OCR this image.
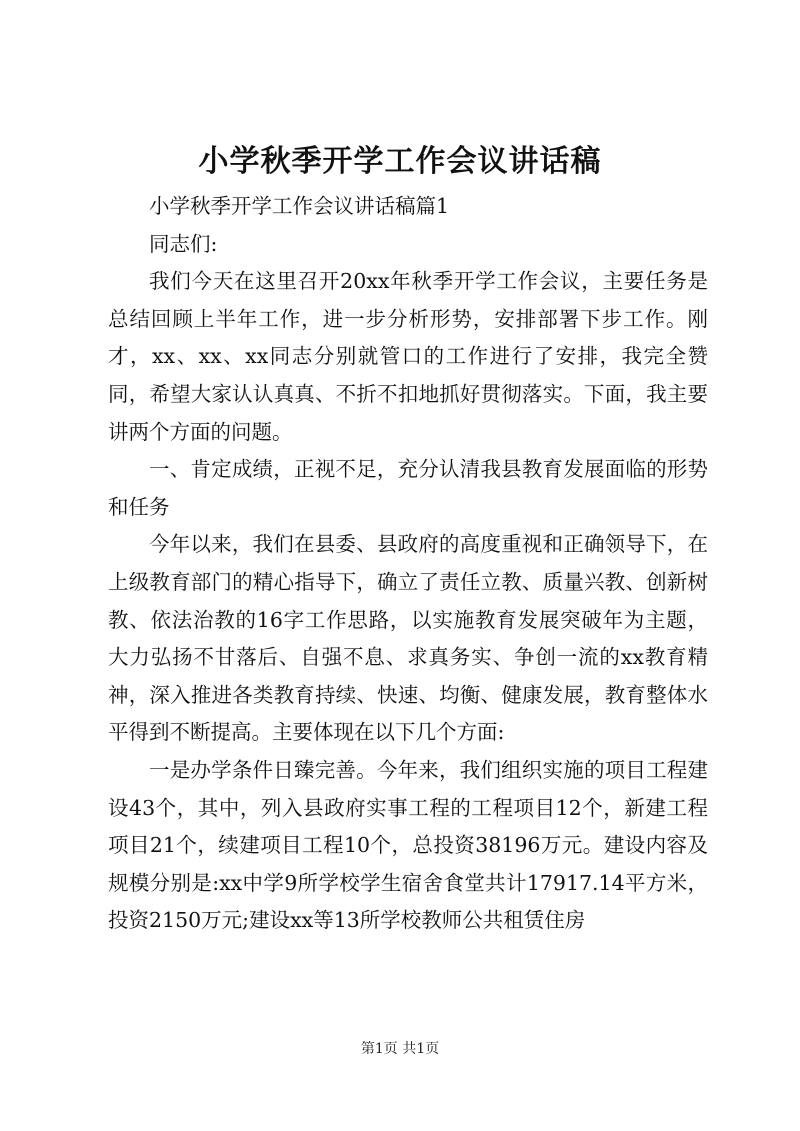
小学秋季开学工作会议讲话稿

小学秋季开学工作会议讲话稿篇1

同志们:

我们今天在这里召开20xx年秋季开学工作会议，主要任务是总结回顾上半年工作，进一步分析形势，安排部署下步工作。刚才，xx、xx、xx同志分别就管口的工作进行了安排，我完全赞同，希望大家认认真真、不折不扣地抓好贯彻落实。下面，我主要讲两个方面的问题。

一、肯定成绩，正视不足，充分认清我县教育发展面临的形势和任务

今年以来，我们在县委、县政府的高度重视和正确领导下，在上级教育部门的精心指导下，确立了责任立教、质量兴教、创新树教、依法治教的16字工作思路，以实施教育发展突破年为主题，大力弘扬不甘落后、自强不息、求真务实、争创一流的xx教育精神，深入推进各类教育持续、快速、均衡、健康发展，教育整体水平得到不断提高。主要体现在以下几个方面:

一是办学条件日臻完善。今年来，我们组织实施的项目工程建设43个，其中，列入县政府实事工程的工程项目12个，新建工程项目21个，续建项目工程10个，总投资38196万元。建设内容及规模分别是:xx中学9所学校学生宿舍食堂共计17917.14平方米，投资2150万元;建设xx等13所学校教师公共租赁住房

第1页 共1页
